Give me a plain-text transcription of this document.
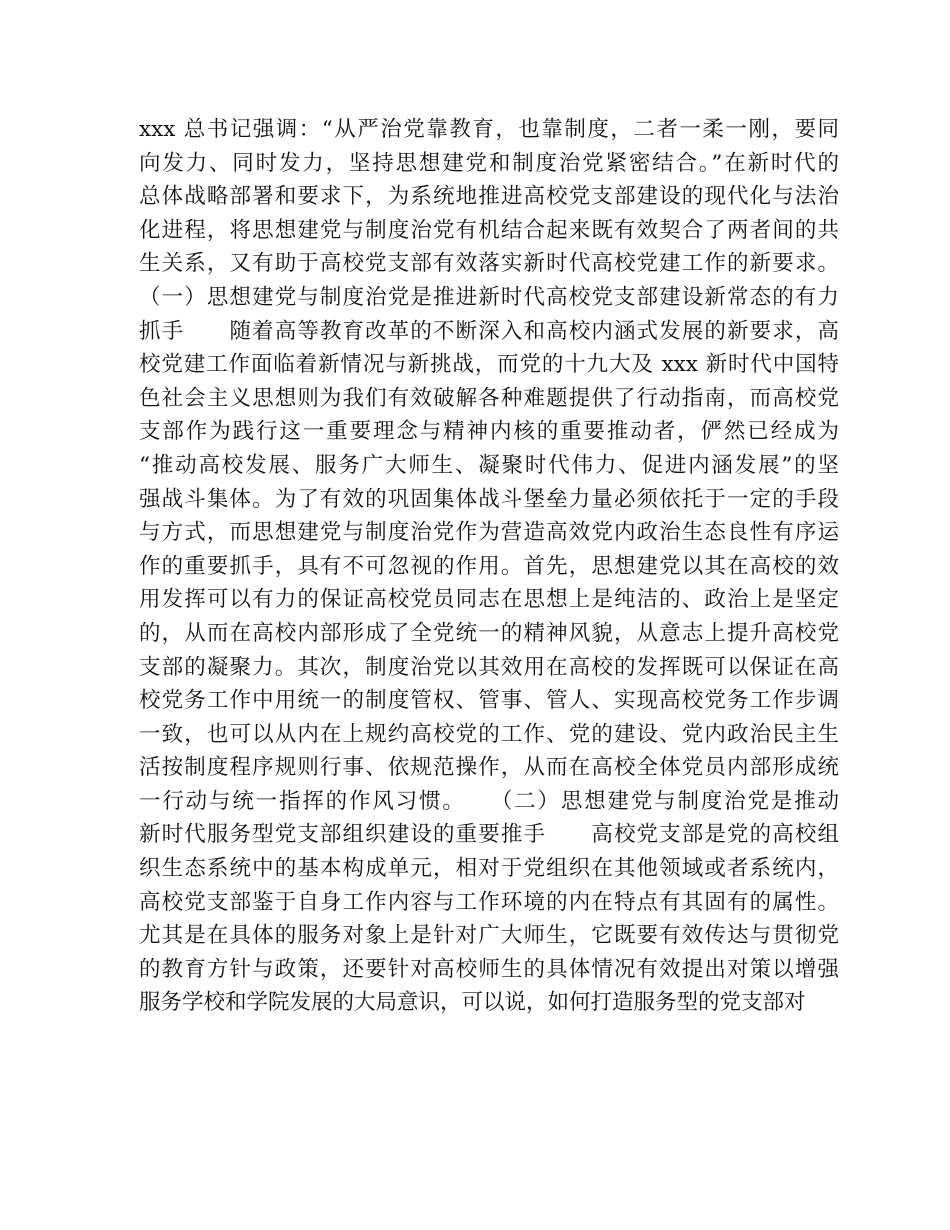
xxx 总书记强调：“从严治党靠教育，也靠制度，二者一柔一刚，要同
向发力、同时发力，坚持思想建党和制度治党紧密结合。”在新时代的
总体战略部署和要求下，为系统地推进高校党支部建设的现代化与法治
化进程，将思想建党与制度治党有机结合起来既有效契合了两者间的共
生关系，又有助于高校党支部有效落实新时代高校党建工作的新要求。
（一）思想建党与制度治党是推进新时代高校党支部建设新常态的有力
抓手　　随着高等教育改革的不断深入和高校内涵式发展的新要求，高
校党建工作面临着新情况与新挑战，而党的十九大及 xxx 新时代中国特
色社会主义思想则为我们有效破解各种难题提供了行动指南，而高校党
支部作为践行这一重要理念与精神内核的重要推动者，俨然已经成为
“推动高校发展、服务广大师生、凝聚时代伟力、促进内涵发展”的坚
强战斗集体。为了有效的巩固集体战斗堡垒力量必须依托于一定的手段
与方式，而思想建党与制度治党作为营造高效党内政治生态良性有序运
作的重要抓手，具有不可忽视的作用。首先，思想建党以其在高校的效
用发挥可以有力的保证高校党员同志在思想上是纯洁的、政治上是坚定
的，从而在高校内部形成了全党统一的精神风貌，从意志上提升高校党
支部的凝聚力。其次，制度治党以其效用在高校的发挥既可以保证在高
校党务工作中用统一的制度管权、管事、管人、实现高校党务工作步调
一致，也可以从内在上规约高校党的工作、党的建设、党内政治民主生
活按制度程序规则行事、依规范操作，从而在高校全体党员内部形成统
一行动与统一指挥的作风习惯。　　（二）思想建党与制度治党是推动
新时代服务型党支部组织建设的重要推手　　高校党支部是党的高校组
织生态系统中的基本构成单元，相对于党组织在其他领域或者系统内，
高校党支部鉴于自身工作内容与工作环境的内在特点有其固有的属性。
尤其是在具体的服务对象上是针对广大师生，它既要有效传达与贯彻党
的教育方针与政策，还要针对高校师生的具体情况有效提出对策以增强
服务学校和学院发展的大局意识，可以说，如何打造服务型的党支部对
